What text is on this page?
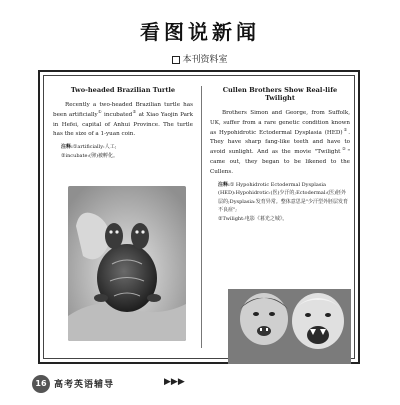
看图说新闻
本刊资料室
Two-headed Brazilian Turtle

Recently a two-headed Brazilian turtle has been artificially① incubated② at Xiao Yaojin Park in Hefei, capital of Anhui Province. The turtle has the size of a 1-yuan coin.

注释:①artificially:人工;
②incubate:(卵)被孵化。
Cullen Brothers Show Real-life Twilight

Brothers Simon and George, from Suffolk, UK, suffer from a rare genetic condition known as Hypohidrotic Ectodermal Dysplasia (HED)①. They have sharp fang-like teeth and have to avoid sunlight. And as the movie "Twilight②" came out, they began to be likened to the Cullens.

注释:① Hypohidrotic Ectodermal Dysplasia (HED):Hypohidrotic:(医)少汗的;Ectodermal:(医)胚外层的;Dysplasia:发育异常。整体意思是"少汗型外胚层发育不良症";
②Twilight:电影《暮光之城》。
16 高考英语辅导	▶▶▶
